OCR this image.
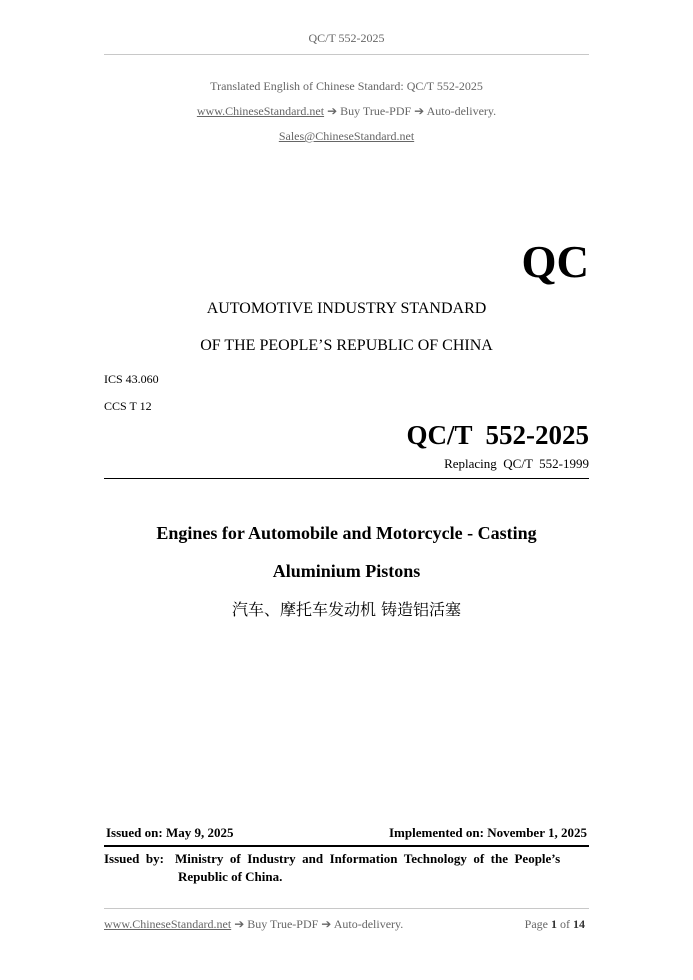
QC/T 552-2025
Translated English of Chinese Standard: QC/T 552-2025
www.ChineseStandard.net ➔ Buy True-PDF ➔ Auto-delivery.
Sales@ChineseStandard.net
QC
AUTOMOTIVE INDUSTRY STANDARD
OF THE PEOPLE’S REPUBLIC OF CHINA
ICS 43.060
CCS T 12
QC/T  552-2025
Replacing  QC/T  552-1999
Engines for Automobile and Motorcycle - Casting
Aluminium Pistons
汽车、摩托车发动机 铸造铝活塞
Issued on: May 9, 2025	Implemented on: November 1, 2025
Issued  by: Ministry  of  Industry  and  Information  Technology  of  the  People’s
Republic of China.
www.ChineseStandard.net ➔ Buy True-PDF ➔ Auto-delivery.	Page 1 of 14
